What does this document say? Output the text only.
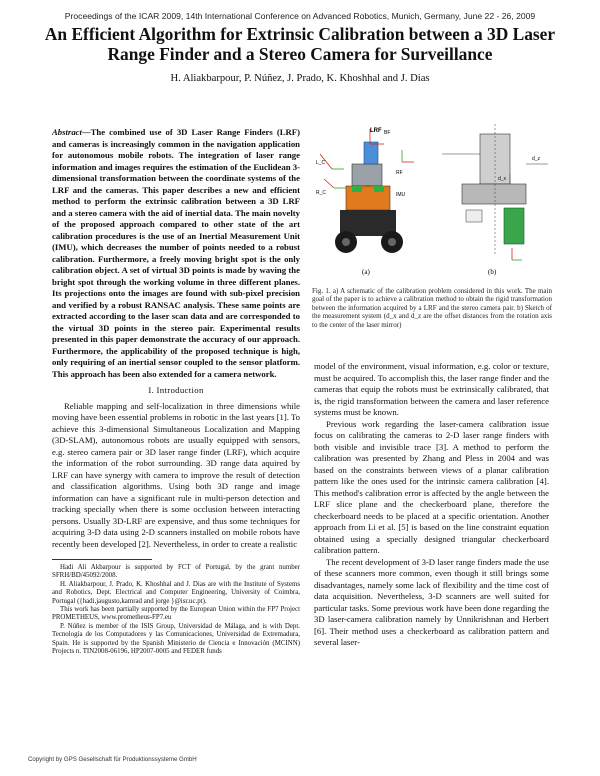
Proceedings of the ICAR 2009, 14th International Conference on Advanced Robotics, Munich, Germany, June 22 - 26, 2009
An Efficient Algorithm for Extrinsic Calibration between a 3D Laser Range Finder and a Stereo Camera for Surveillance
H. Aliakbarpour, P. Núñez, J. Prado, K. Khoshhal and J. Dias
Abstract—The combined use of 3D Laser Range Finders (LRF) and cameras is increasingly common in the navigation application for autonomous mobile robots. The integration of laser range information and images requires the estimation of the Euclidean 3-dimensional transformation between the coordinate systems of the LRF and the cameras. This paper describes a new and efficient method to perform the extrinsic calibration between a 3D LRF and a stereo camera with the aid of inertial data. The main novelty of the proposed approach compared to other state of the art calibration procedures is the use of an Inertial Measurement Unit (IMU), which decreases the number of points needed to a robust calibration. Furthermore, a freely moving bright spot is the only calibration object. A set of virtual 3D points is made by waving the bright spot through the working volume in three different planes. Its projections onto the images are found with sub-pixel precision and verified by a robust RANSAC analysis. These same points are extracted according to the laser scan data and are corresponded to the virtual 3D points in the stereo pair. Experimental results presented in this paper demonstrate the accuracy of our approach. Furthermore, the applicability of the proposed technique is high, only requiring of an inertial sensor coupled to the sensor platform. This approach has been also extended for a camera network.
I. Introduction

Reliable mapping and self-localization in three dimensions while moving have been essential problems in robotic in the last years [1]. To achieve this 3-dimensional Simultaneous Localization and Mapping (3D-SLAM), autonomous robots are usually equipped with sensors, e.g. stereo camera pair or 3D laser range finder (LRF), which acquire the information of the robot surrounding. 3D range data aquired by LRF can have synergy with camera to improve the result of detection and classification algorithms. Using both 3D range and image information can have a significant rule in multi-person detection and tracking specially when there is some occlusion between interacting persons. Usually 3D-LRF are expensive, and thus some techniques for acquiring 3-D data using 2-D scanners installed on mobile robots have recently been developed [2]. Nevertheless, in order to create a realistic

Hadi Ali Akbarpour is supported by FCT of Portugal, by the grant number SFRH/BD/45092/2008.

H. Aliakbarpour, J. Prado, K. Khoshhal and J. Dias are with the Institute of Systems and Robotics, Dept. Electrical and Computer Engineering, University of Coimbra, Portugal ({hadi,jaugusto,kamrad and jorge }@isr.uc.pt).

This work has been partially supported by the European Union within the FP7 Project PROMETHEUS, www.prometheus-FP7.eu

P. Núñez is member of the ISIS Group, Universidad de Málaga, and is with Dept. Tecnología de los Computadores y las Comunicaciones, Universidad de Extremadura, Spain. He is supported by the Spanish Ministerio de Ciencia e Innovación (MCINN) Projects n. TIN2008-06196, HP2007-0005 and FEDER funds

LRF BF
L_C
R_C
RF
IMU
(a)
d_z
d_x
(b)
Fig. 1. a) A schematic of the calibration problem considered in this work. The main goal of the paper is to achieve a calibration method to obtain the rigid transformation between the information acquired by a LRF and the stereo camera pair. b) Sketch of the measurement system (d_x and d_z are the offset distances from the rotation axis to the center of the laser mirror)

model of the environment, visual information, e.g. color or texture, must be acquired. To accomplish this, the laser range finder and the cameras that equip the robots must be extrinsically calibrated, that is, the rigid transformation between the camera and laser reference systems must be known.

Previous work regarding the laser-camera calibration issue focus on calibrating the cameras to 2-D laser range finders with both visible and invisible trace [3]. A method to perform the calibration was presented by Zhang and Pless in 2004 and was based on the constraints between views of a planar calibration pattern like the ones used for the intrinsic camera calibration [4]. This method's calibration error is affected by the angle between the LRF slice plane and the checkerboard plane, therefore the checkerboard needs to be placed at a specific orientation. Another approach from Li et al. [5] is based on the line constraint equation obtained using a specially designed triangular checkerboard calibration pattern.

The recent development of 3-D laser range finders made the use of these scanners more common, even though it still brings some disadvantages, namely some lack of flexibility and the time cost of data acquisition. Nevertheless, 3-D scanners are well suited for particular tasks. Some previous work have been done regarding the 3D laser-camera calibration namely by Unnikrishnan and Herbert [6]. Their method uses a checkerboard as calibration pattern and several laser-

Copyright by GPS Gesellschaft für Produktionssysteme GmbH
